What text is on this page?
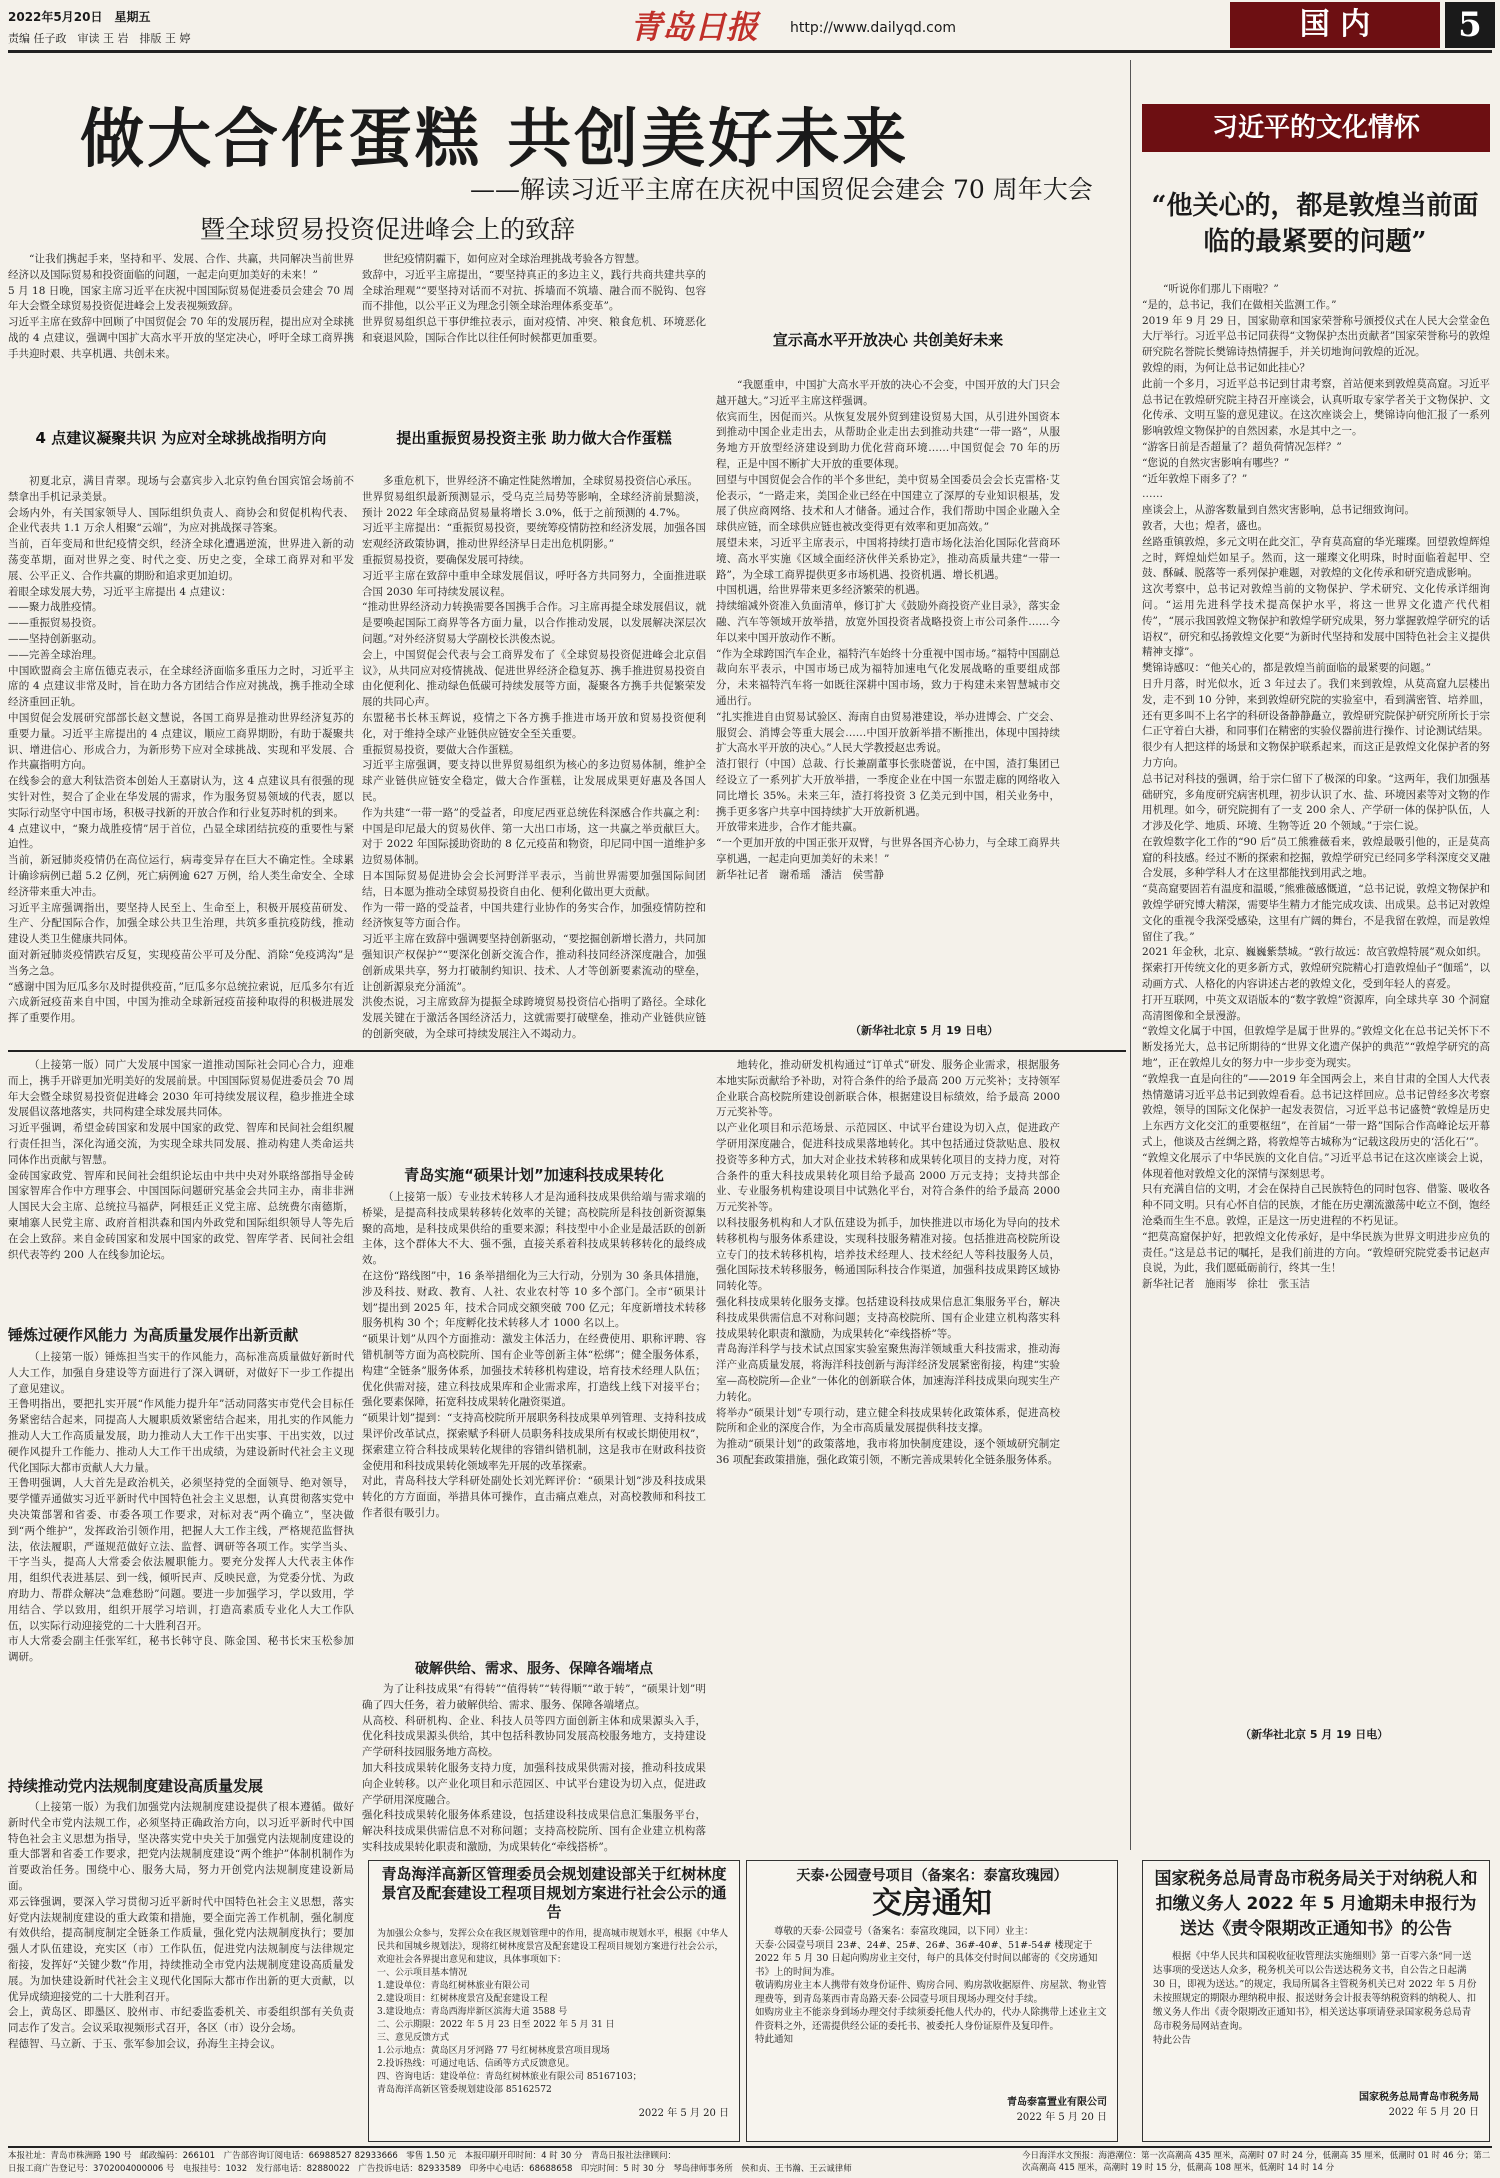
2022年5月20日　星期五
责编 任子政　审读 王 岩　排版 王 婷	青岛日报 http://www.dailyqd.com	国 内	5
做大合作蛋糕 共创美好未来
——解读习近平主席在庆祝中国贸促会建会 70 周年大会
暨全球贸易投资促进峰会上的致辞
“让我们携起手来，坚持和平、发展、合作、共赢，共同解决当前世界经济以及国际贸易和投资面临的问题，一起走向更加美好的未来！”
5 月 18 日晚，国家主席习近平在庆祝中国国际贸易促进委员会建会 70 周年大会暨全球贸易投资促进峰会上发表视频致辞。
习近平主席在致辞中回顾了中国贸促会 70 年的发展历程，提出应对全球挑战的 4 点建议，强调中国扩大高水平开放的坚定决心，呼吁全球工商界携手共迎时艰、共享机遇、共创未来。
4 点建议凝聚共识 为应对全球挑战指明方向
初夏北京，满目青翠。现场与会嘉宾步入北京钓鱼台国宾馆会场前不禁拿出手机记录美景。
会场内外，有关国家领导人、国际组织负责人、商协会和贸促机构代表、企业代表共 1.1 万余人相聚“云端”，为应对挑战探寻答案。
当前，百年变局和世纪疫情交织，经济全球化遭遇逆流，世界进入新的动荡变革期，面对世界之变、时代之变、历史之变，全球工商界对和平发展、公平正义、合作共赢的期盼和追求更加迫切。
着眼全球发展大势，习近平主席提出 4 点建议：
——聚力战胜疫情。
——重振贸易投资。
——坚持创新驱动。
——完善全球治理。
中国欧盟商会主席伍德克表示，在全球经济面临多重压力之时，习近平主席的 4 点建议非常及时，旨在助力各方团结合作应对挑战，携手推动全球经济重回正轨。
中国贸促会发展研究部部长赵文慧说，各国工商界是推动世界经济复苏的重要力量。习近平主席提出的 4 点建议，顺应工商界期盼，有助于凝聚共识、增进信心、形成合力，为新形势下应对全球挑战、实现和平发展、合作共赢指明方向。
在线参会的意大利钛浩资本创始人王嘉尉认为，这 4 点建议具有很强的现实针对性，契合了企业在华发展的需求，作为服务贸易领域的代表，愿以实际行动坚守中国市场，积极寻找新的开放合作和行业复苏时机的到来。
4 点建议中，“聚力战胜疫情”居于首位，凸显全球团结抗疫的重要性与紧迫性。
当前，新冠肺炎疫情仍在高位运行，病毒变异存在巨大不确定性。全球累计确诊病例已超 5.2 亿例，死亡病例逾 627 万例，给人类生命安全、全球经济带来重大冲击。
习近平主席强调指出，要坚持人民至上、生命至上，积极开展疫苗研发、生产、分配国际合作，加强全球公共卫生治理，共筑多重抗疫防线，推动建设人类卫生健康共同体。
面对新冠肺炎疫情跌宕反复，实现疫苗公平可及分配、消除“免疫鸿沟”是当务之急。
“感谢中国为厄瓜多尔及时提供疫苗，”厄瓜多尔总统拉索说，厄瓜多尔有近六成新冠疫苗来自中国，中国为推动全球新冠疫苗接种取得的积极进展发挥了重要作用。
世纪疫情阴霾下，如何应对全球治理挑战考验各方智慧。
致辞中，习近平主席提出，“要坚持真正的多边主义，践行共商共建共享的全球治理观”“要坚持对话而不对抗、拆墙而不筑墙、融合而不脱钩、包容而不排他，以公平正义为理念引领全球治理体系变革”。
世界贸易组织总干事伊维拉表示，面对疫情、冲突、粮食危机、环境恶化和衰退风险，国际合作比以往任何时候都更加重要。
提出重振贸易投资主张 助力做大合作蛋糕
多重危机下，世界经济不确定性陡然增加，全球贸易投资信心承压。
世界贸易组织最新预测显示，受乌克兰局势等影响，全球经济前景黯淡，预计 2022 年全球商品贸易量将增长 3.0%，低于之前预测的 4.7%。
习近平主席提出：“重振贸易投资，要统筹疫情防控和经济发展，加强各国宏观经济政策协调，推动世界经济早日走出危机阴影。”
重振贸易投资，要确保发展可持续。
习近平主席在致辞中重申全球发展倡议，呼吁各方共同努力，全面推进联合国 2030 年可持续发展议程。
“推动世界经济动力转换需要各国携手合作。习主席再提全球发展倡议，就是要唤起国际工商界等各方面力量，以合作推动发展，以发展解决深层次问题。”对外经济贸易大学副校长洪俊杰说。
会上，中国贸促会代表与会工商界发布了《全球贸易投资促进峰会北京倡议》，从共同应对疫情挑战、促进世界经济企稳复苏、携手推进贸易投资自由化便利化、推动绿色低碳可持续发展等方面，凝聚各方携手共促繁荣发展的共同心声。
东盟秘书长林玉辉说，疫情之下各方携手推进市场开放和贸易投资便利化，对于维持全球产业链供应链安全至关重要。
重振贸易投资，要做大合作蛋糕。
习近平主席强调，要支持以世界贸易组织为核心的多边贸易体制，维护全球产业链供应链安全稳定，做大合作蛋糕，让发展成果更好惠及各国人民。
作为共建“一带一路”的受益者，印度尼西亚总统佐科深感合作共赢之利：中国是印尼最大的贸易伙伴、第一大出口市场，这一共赢之举贡献巨大。对于 2022 年国际援助资助的 8 亿元疫苗和物资，印尼同中国一道维护多边贸易体制。
日本国际贸易促进协会会长河野洋平表示，当前世界需要加强国际间团结，日本愿为推动全球贸易投资自由化、便利化做出更大贡献。
作为一带一路的受益者，中国共建行业协作的务实合作，加强疫情防控和经济恢复等方面合作。
习近平主席在致辞中强调要坚持创新驱动，“要挖掘创新增长潜力，共同加强知识产权保护”“要深化创新交流合作，推动科技同经济深度融合，加强创新成果共享，努力打破制约知识、技术、人才等创新要素流动的壁垒，让创新源泉充分涌流”。
洪俊杰说，习主席致辞为提振全球跨境贸易投资信心指明了路径。全球化发展关键在于激活各国经济活力，这就需要打破壁垒，推动产业链供应链的创新突破，为全球可持续发展注入不竭动力。
宣示高水平开放决心 共创美好未来
“我愿重申，中国扩大高水平开放的决心不会变，中国开放的大门只会越开越大。”习近平主席这样强调。
依宾而生，因促而兴。从恢复发展外贸到建设贸易大国，从引进外国资本到推动中国企业走出去，从帮助企业走出去到推动共建“一带一路”，从服务地方开放型经济建设到助力优化营商环境……中国贸促会 70 年的历程，正是中国不断扩大开放的重要体现。
回望与中国贸促会合作的半个多世纪，美中贸易全国委员会会长克雷格·艾伦表示，“一路走来，美国企业已经在中国建立了深厚的专业知识根基，发展了供应商网络、技术和人才储备。通过合作，我们帮助中国企业融入全球供应链，而全球供应链也被改变得更有效率和更加高效。”
展望未来，习近平主席表示，中国将持续打造市场化法治化国际化营商环境、高水平实施《区域全面经济伙伴关系协定》，推动高质量共建“一带一路”，为全球工商界提供更多市场机遇、投资机遇、增长机遇。
中国机遇，给世界带来更多经济繁荣的机遇。
持续缩减外资准入负面清单，修订扩大《鼓励外商投资产业目录》，落实金融、汽车等领域开放举措，放宽外国投资者战略投资上市公司条件……今年以来中国开放动作不断。
“作为全球跨国汽车企业，福特汽车始终十分重视中国市场。”福特中国副总裁向东平表示，中国市场已成为福特加速电气化发展战略的重要组成部分，未来福特汽车将一如既往深耕中国市场，致力于构建未来智慧城市交通出行。
“扎实推进自由贸易试验区、海南自由贸易港建设，举办进博会、广交会、服贸会、消博会等重大展会……中国开放新举措不断推出，体现中国持续扩大高水平开放的决心。”人民大学教授赵忠秀说。
渣打银行（中国）总裁、行长兼副董事长张晓蕾说，在中国，渣打集团已经设立了一系列扩大开放举措，一季度企业在中国一东盟走廊的网络收入同比增长 35%。未来三年，渣打将投资 3 亿美元到中国，相关业务中，携手更多客户共享中国持续扩大开放新机遇。
开放带来进步，合作才能共赢。
“一个更加开放的中国正张开双臂，与世界各国齐心协力，与全球工商界共享机遇，一起走向更加美好的未来！”
新华社记者　谢希瑶　潘洁　侯雪静
（新华社北京 5 月 19 日电）
习近平的文化情怀
“他关心的，都是敦煌当前面临的最紧要的问题”
“听说你们那儿下雨啦？”
“是的，总书记，我们在做相关监测工作。”
2019 年 9 月 29 日，国家勋章和国家荣誉称号颁授仪式在人民大会堂金色大厅举行。习近平总书记同获得“文物保护杰出贡献者”国家荣誉称号的敦煌研究院名誉院长樊锦诗热情握手，并关切地询问敦煌的近况。
敦煌的雨，为何让总书记如此挂心？
此前一个多月，习近平总书记到甘肃考察，首站便来到敦煌莫高窟。习近平总书记在敦煌研究院主持召开座谈会，认真听取专家学者关于文物保护、文化传承、文明互鉴的意见建议。在这次座谈会上，樊锦诗向他汇报了一系列影响敦煌文物保护的自然因素，水是其中之一。
“游客日前是否超量了？超负荷情况怎样？”
“您说的自然灾害影响有哪些？”
“近年敦煌下雨多了？”
……
座谈会上，从游客数量到自然灾害影响，总书记细致询问。
敦者，大也；煌者，盛也。
丝路重镇敦煌，多元文明在此交汇，孕育莫高窟的华光璀璨。回望敦煌辉煌之时，辉煌灿烂如星子。然而，这一璀璨文化明珠，时时面临着起甲、空鼓、酥碱、脱落等一系列保护难题，对敦煌的文化传承和研究造成影响。
这次考察中，总书记对敦煌当前的文物保护、学术研究、文化传承详细询问。“运用先进科学技术提高保护水平，将这一世界文化遗产代代相传”，“展示我国敦煌文物保护和敦煌学研究成果，努力掌握敦煌学研究的话语权”，研究和弘扬敦煌文化要“为新时代坚持和发展中国特色社会主义提供精神支撑”。
樊锦诗感叹：“他关心的，都是敦煌当前面临的最紧要的问题。”
日升月落，时光似水，近 3 年过去了。我们来到敦煌，从莫高窟九层楼出发，走不到 10 分钟，来到敦煌研究院的实验室中，看到满密管、培养皿，还有更多叫不上名字的科研设备静静矗立，敦煌研究院保护研究所所长于宗仁正守着白大褂，和同事们在精密的实验仪器前进行操作、讨论测试结果。
很少有人把这样的场景和文物保护联系起来，而这正是敦煌文化保护者的努力方向。
总书记对科技的强调，给于宗仁留下了极深的印象。“这两年，我们加强基础研究，多角度研究病害机理，初步认识了水、盐、环境因素等对文物的作用机理。如今，研究院拥有了一支 200 余人、产学研一体的保护队伍，人才涉及化学、地质、环境、生物等近 20 个领域。”于宗仁说。
在敦煌数字化工作的“90 后”员工熊雅薇看来，敦煌最吸引他的，正是莫高窟的科技感。经过不断的探索和挖掘，敦煌学研究已经同多学科深度交叉融合发展，多种学科人才在这里都能找到用武之地。
“莫高窟要固若有温度和温暖，”熊雅薇感慨道，“总书记说，敦煌文物保护和敦煌学研究博大精深，需要毕生精力才能完成攻读、出成果。总书记对敦煌文化的重视令我深受感染，这里有广阔的舞台，不是我留在敦煌，而是敦煌留住了我。”
2021 年金秋，北京、巍巍紫禁城。“敦行故远：故宫敦煌特展”观众如织。
探索打开传统文化的更多新方式，敦煌研究院精心打造敦煌仙子“伽瑶”，以动画方式、人格化的内容讲述古老的敦煌文化，受到年轻人的喜爱。
打开互联网，中英文双语版本的“数字敦煌”资源库，向全球共享 30 个洞窟高清图像和全景漫游。
“敦煌文化属于中国，但敦煌学是属于世界的。”敦煌文化在总书记关怀下不断发扬光大，总书记所期待的“世界文化遗产保护的典范”“敦煌学研究的高地”，正在敦煌儿女的努力中一步步变为现实。
“敦煌我一直是向往的”——2019 年全国两会上，来自甘肃的全国人大代表热情邀请习近平总书记到敦煌看看。总书记这样回应。总书记曾经多次考察敦煌，领导的国际文化保护一起发表贺信，习近平总书记盛赞“敦煌是历史上东西方文化交汇的重要枢纽”，在首届“一带一路”国际合作高峰论坛开幕式上，他谈及古丝绸之路，将敦煌等古城称为“记载这段历史的‘活化石’”。
“敦煌文化展示了中华民族的文化自信。”习近平总书记在这次座谈会上说，体现着他对敦煌文化的深情与深刻思考。
只有充满自信的文明，才会在保持自己民族特色的同时包容、借鉴、吸收各种不同文明。只有心怀自信的民族，才能在历史潮流激荡中屹立不倒，饱经沧桑而生生不息。敦煌，正是这一历史进程的不朽见证。
“把莫高窟保护好，把敦煌文化传承好，是中华民族为世界文明进步应负的责任。”这是总书记的嘱托，是我们前进的方向。“敦煌研究院党委书记赵声良说，为此，我们愿砥砺前行，终其一生！
新华社记者　施雨岑　徐壮　张玉洁
（新华社北京 5 月 19 日电）
（上接第一版）同广大发展中国家一道推动国际社会同心合力，迎难而上，携手开辟更加光明美好的发展前景。中国国际贸易促进委员会 70 周年大会暨全球贸易投资促进峰会 2030 年可持续发展议程，稳步推进全球发展倡议落地落实，共同构建全球发展共同体。
习近平强调，希望金砖国家和发展中国家的政党、智库和民间社会组织履行责任担当，深化沟通交流，为实现全球共同发展、推动构建人类命运共同体作出贡献与智慧。
金砖国家政党、智库和民间社会组织论坛由中共中央对外联络部指导金砖国家智库合作中方理事会、中国国际问题研究基金会共同主办，南非非洲人国民大会主席、总统拉马福萨，阿根廷正义党主席、总统费尔南德斯，柬埔寨人民党主席、政府首相洪森和国内外政党和国际组织领导人等先后在会上致辞。来自金砖国家和发展中国家的政党、智库学者、民间社会组织代表等约 200 人在线参加论坛。
锤炼过硬作风能力 为高质量发展作出新贡献
（上接第一版）锤炼担当实干的作风能力，高标准高质量做好新时代人大工作，加强自身建设等方面进行了深入调研，对做好下一步工作提出了意见建议。
王鲁明指出，要把扎实开展“作风能力提升年”活动同落实市党代会目标任务紧密结合起来，同提高人大履职质效紧密结合起来，用扎实的作风能力推动人大工作高质量发展，助力推动人大工作干出实事、干出实效，以过硬作风提升工作能力、推动人大工作干出成绩，为建设新时代社会主义现代化国际大都市贡献人大力量。
王鲁明强调，人大首先是政治机关，必须坚持党的全面领导、绝对领导，要学懂弄通做实习近平新时代中国特色社会主义思想，认真贯彻落实党中央决策部署和省委、市委各项工作要求，对标对表“两个确立”，坚决做到“两个维护”，发挥政治引领作用，把握人大工作主线，严格规范监督执法，依法履职，严谨规范做好立法、监督、调研等各项工作。实学当头、干字当头，提高人大常委会依法履职能力。要充分发挥人大代表主体作用，组织代表进基层、到一线，倾听民声、反映民意，为党委分忧、为政府助力、帮群众解决“急难愁盼”问题。要进一步加强学习，学以致用，学用结合、学以致用，组织开展学习培训，打造高素质专业化人大工作队伍，以实际行动迎接党的二十大胜利召开。
市人大常委会副主任张军红，秘书长韩守良、陈金国、秘书长宋玉松参加调研。
持续推动党内法规制度建设高质量发展
（上接第一版）为我们加强党内法规制度建设提供了根本遵循。做好新时代全市党内法规工作，必须坚持正确政治方向，以习近平新时代中国特色社会主义思想为指导，坚决落实党中央关于加强党内法规制度建设的重大部署和省委工作要求，把党内法规制度建设“两个维护”体制机制作为首要政治任务。围绕中心、服务大局，努力开创党内法规制度建设新局面。
邓云锋强调，要深入学习贯彻习近平新时代中国特色社会主义思想，落实好党内法规制度建设的重大政策和措施，要全面完善工作机制，强化制度有效供给，提高制度制定全链条工作质量，强化党内法规制度执行；要加强人才队伍建设，充实区（市）工作队伍，促进党内法规制度与法律规定衔接，发挥好“关键少数”作用，持续推动全市党内法规制度建设高质量发展。为加快建设新时代社会主义现代化国际大都市作出新的更大贡献，以优异成绩迎接党的二十大胜利召开。
会上，黄岛区、即墨区、胶州市、市纪委监委机关、市委组织部有关负责同志作了发言。会议采取视频形式召开，各区（市）设分会场。
程德智、马立新、于玉、张军参加会议，孙海生主持会议。
青岛实施“硕果计划”加速科技成果转化
（上接第一版）专业技术转移人才是沟通科技成果供给端与需求端的桥梁，是提高科技成果转移转化效率的关键；高校院所是科技创新资源集聚的高地，是科技成果供给的重要来源；科技型中小企业是最活跃的创新主体，这个群体大不大、强不强，直接关系着科技成果转移转化的最终成效。
在这份“路线图”中，16 条举措细化为三大行动，分别为 30 条具体措施，涉及科技、财政、教育、人社、农业农村等 10 多个部门。全市“硕果计划”提出到 2025 年，技术合同成交额突破 700 亿元；年度新增技术转移服务机构 30 个；年度孵化技术转移人才 1000 名以上。
“硕果计划”从四个方面推动：激发主体活力，在经费使用、职称评聘、容错机制等方面为高校院所、国有企业等创新主体“松绑”；健全服务体系，构建“全链条”服务体系，加强技术转移机构建设，培育技术经理人队伍；优化供需对接，建立科技成果库和企业需求库，打造线上线下对接平台；强化要素保障，拓宽科技成果转化融资渠道。
“硕果计划”提到：“支持高校院所开展职务科技成果单列管理、支持科技成果评价改革试点，探索赋予科研人员职务科技成果所有权或长期使用权”，探索建立符合科技成果转化规律的容错纠错机制，这是我市在财政科技资金使用和科技成果转化领域率先开展的改革探索。
对此，青岛科技大学科研处副处长刘光辉评价：“硕果计划”涉及科技成果转化的方方面面，举措具体可操作，直击痛点难点，对高校教师和科技工作者很有吸引力。
破解供给、需求、服务、保障各端堵点
为了让科技成果“有得转”“值得转”“转得顺”“敢于转”，“硕果计划”明确了四大任务，着力破解供给、需求、服务、保障各端堵点。
从高校、科研机构、企业、科技人员等四方面创新主体和成果源头入手，优化科技成果源头供给，其中包括科教协同发展高校服务地方，支持建设产学研科技园服务地方高校。
加大科技成果转化服务支持力度，加强科技成果供需对接，推动科技成果向企业转移。以产业化项目和示范园区、中试平台建设为切入点，促进政产学研用深度融合。
强化科技成果转化服务体系建设，包括建设科技成果信息汇集服务平台，解决科技成果供需信息不对称问题；支持高校院所、国有企业建立机构落实科技成果转化职责和激励，为成果转化“牵线搭桥”。

地转化，推动研发机构通过“订单式”研发、服务企业需求，根据服务本地实际贡献给予补助，对符合条件的给予最高 200 万元奖补；支持领军企业联合高校院所建设创新联合体，根据建设目标绩效，给予最高 2000 万元奖补等。
以产业化项目和示范场景、示范园区、中试平台建设为切入点，促进政产学研用深度融合，促进科技成果落地转化。其中包括通过贷款贴息、股权投资等多种方式，加大对企业技术转移和成果转化项目的支持力度，对符合条件的重大科技成果转化项目给予最高 2000 万元支持；支持共部企业、专业服务机构建设项目中试熟化平台，对符合条件的给予最高 2000 万元奖补等。
以科技服务机构和人才队伍建设为抓手，加快推进以市场化为导向的技术转移机构与服务体系建设，实现科技服务精准对接。包括推进高校院所设立专门的技术转移机构，培养技术经理人、技术经纪人等科技服务人员，强化国际技术转移服务，畅通国际科技合作渠道，加强科技成果跨区域协同转化等。
强化科技成果转化服务支撑。包括建设科技成果信息汇集服务平台，解决科技成果供需信息不对称问题；支持高校院所、国有企业建立机构落实科技成果转化职责和激励，为成果转化“牵线搭桥”等。
青岛海洋科学与技术试点国家实验室聚焦海洋领域重大科技需求，推动海洋产业高质量发展，将海洋科技创新与海洋经济发展紧密衔接，构建“实验室—高校院所—企业”一体化的创新联合体，加速海洋科技成果向现实生产力转化。
将举办“硕果计划”专项行动，建立健全科技成果转化政策体系，促进高校院所和企业的深度合作，为全市高质量发展提供科技支撑。
为推动“硕果计划”的政策落地，我市将加快制度建设，逐个领域研究制定 36 项配套政策措施，强化政策引领，不断完善成果转化全链条服务体系。
青岛海洋高新区管理委员会规划建设部关于红树林度景宫及配套建设工程项目规划方案进行社会公示的通告
为加强公众参与，发挥公众在我区规划管理中的作用，提高城市规划水平，根据《中华人民共和国城乡规划法》，现将红树林度景宫及配套建设工程项目规划方案进行社会公示，欢迎社会各界提出意见和建议，具体事项如下：
一、公示项目基本情况
1.建设单位：青岛红树林旅业有限公司
2.建设项目：红树林度景宫及配套建设工程
3.建设地点：青岛西海岸新区滨海大道 3588 号
二、公示期限：2022 年 5 月 23 日至 2022 年 5 月 31 日
三、意见反馈方式
1.公示地点：黄岛区月牙河路 77 号红树林度景宫项目现场
2.投诉热线：可通过电话、信函等方式反馈意见。
四、咨询电话：建设单位：青岛红树林旅业有限公司 85167103；
青岛海洋高新区管委规划建设部 85162572
2022 年 5 月 20 日
天泰·公园壹号项目（备案名：泰富玫瑰园）
交房通知
尊敬的天泰·公园壹号（备案名：泰富玫瑰园，以下同）业主：
天泰·公园壹号项目 23#、24#、25#、26#、36#-40#、51#-54# 楼现定于 2022 年 5 月 30 日起向购房业主交付，每户的具体交付时间以邮寄的《交房通知书》上的时间为准。
敬请购房业主本人携带有效身份证件、购房合同、购房款收据原件、房屋款、物业管理费等，到青岛莱西市青岛路天泰·公园壹号项目现场办理交付手续。
如购房业主不能亲身到场办理交付手续须委托他人代办的，代办人除携带上述业主文件资料之外，还需提供经公证的委托书、被委托人身份证原件及复印件。
特此通知
青岛泰富置业有限公司
2022 年 5 月 20 日
国家税务总局青岛市税务局关于对纳税人和扣缴义务人 2022 年 5 月逾期未申报行为送达《责令限期改正通知书》的公告
根据《中华人民共和国税收征收管理法实施细则》第一百零六条“同一送达事项的受送达人众多，税务机关可以公告送达税务文书，自公告之日起满 30 日，即视为送达。”的规定，我局所属各主管税务机关已对 2022 年 5 月份未按照规定的期限办理纳税申报、报送财务会计报表等纳税资料的纳税人、扣缴义务人作出《责令限期改正通知书》，相关送达事项请登录国家税务总局青岛市税务局网站查询。
特此公告
国家税务总局青岛市税务局
2022 年 5 月 20 日
本报社址：青岛市株洲路 190 号　邮政编码：266101　广告部咨询订阅电话：66988527 82933666　零售 1.50 元　本报印刷开印时间：4 时 30 分　青岛日报社法律顾问：
日报工商广告登记号：3702004000006 号　电报挂号：1032　发行部电话：82880022　广告投诉电话：82933589　印务中心电话：68688658　印完时间：5 时 30 分　琴岛律师事务所　侯和贞、王书瀚、王云诚律师
今日海洋水文预报：海港潮位：第一次高潮高 435 厘米，高潮时 07 时 24 分，低潮高 35 厘米，低潮时 01 时 46 分；第二次高潮高 415 厘米，高潮时 19 时 15 分，低潮高 108 厘米，低潮时 14 时 14 分
